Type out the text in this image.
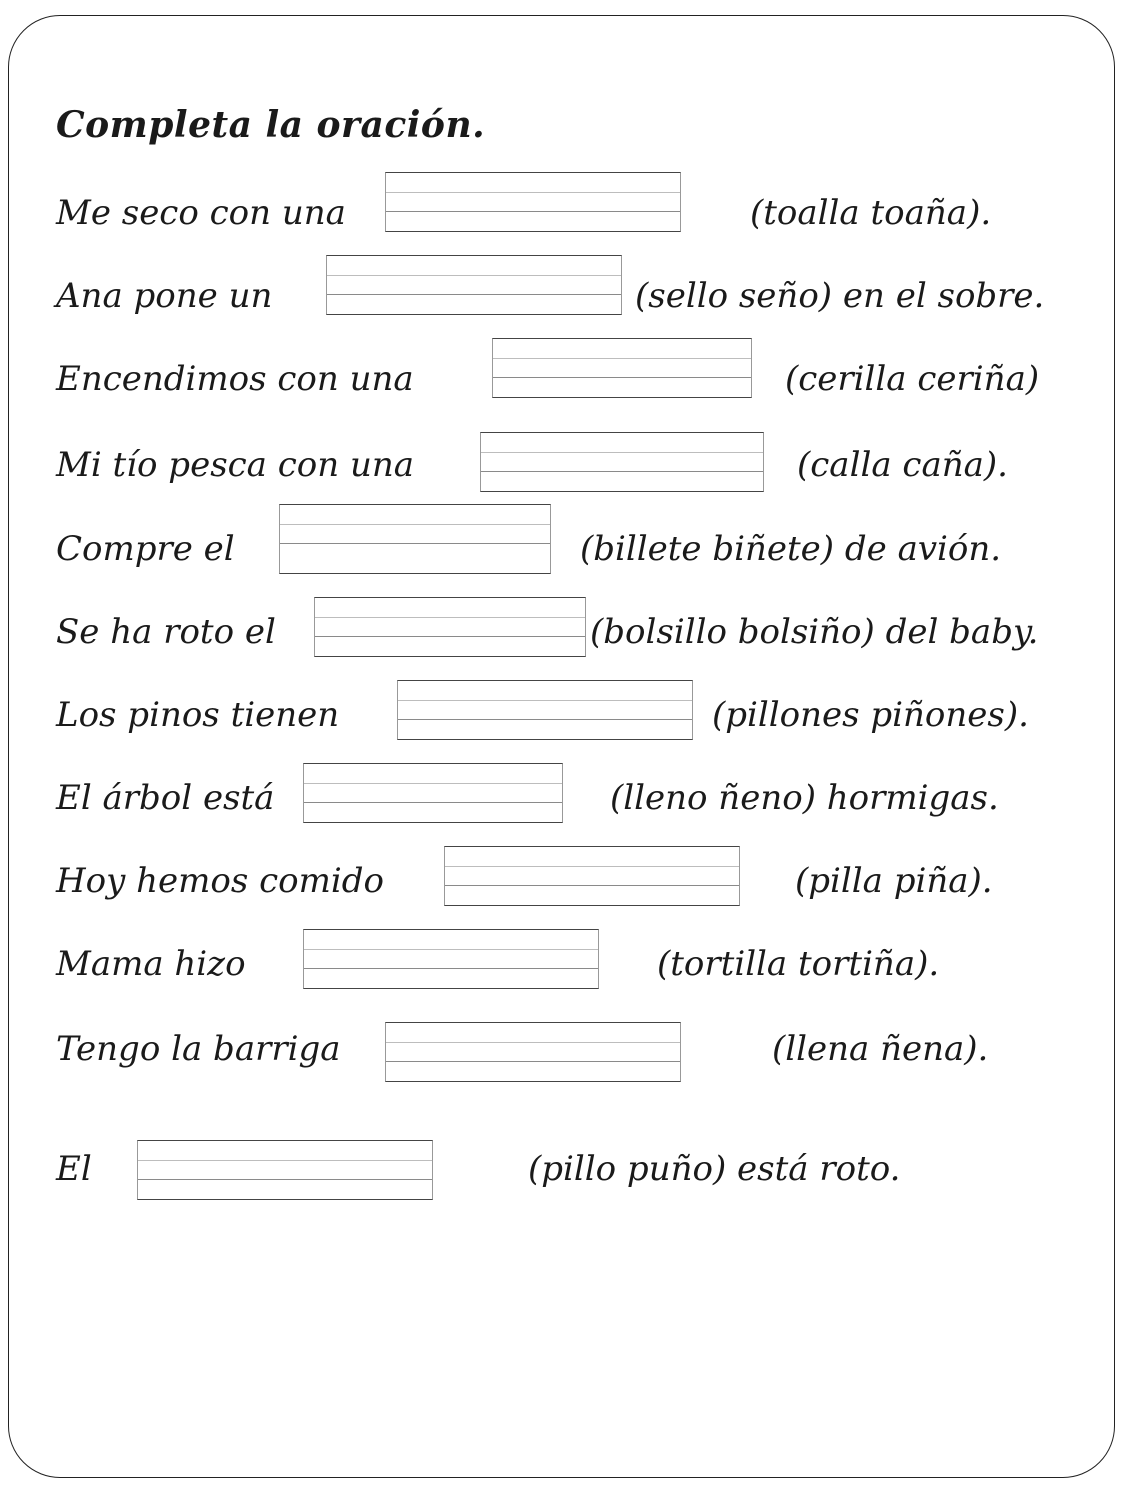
Completa la oración.
Me seco con una	(toalla toaña).
Ana pone un	(sello seño) en el sobre.
Encendimos con una	(cerilla ceriña)
Mi tío pesca con una	(calla caña).
Compre el	(billete biñete) de avión.
Se ha roto el	(bolsillo bolsiño) del baby.
Los pinos tienen	(pillones piñones).
El árbol está	(lleno ñeno) hormigas.
Hoy hemos comido	(pilla piña).
Mama hizo	(tortilla tortiña).
Tengo la barriga	(llena ñena).
El	(pillo puño) está roto.
